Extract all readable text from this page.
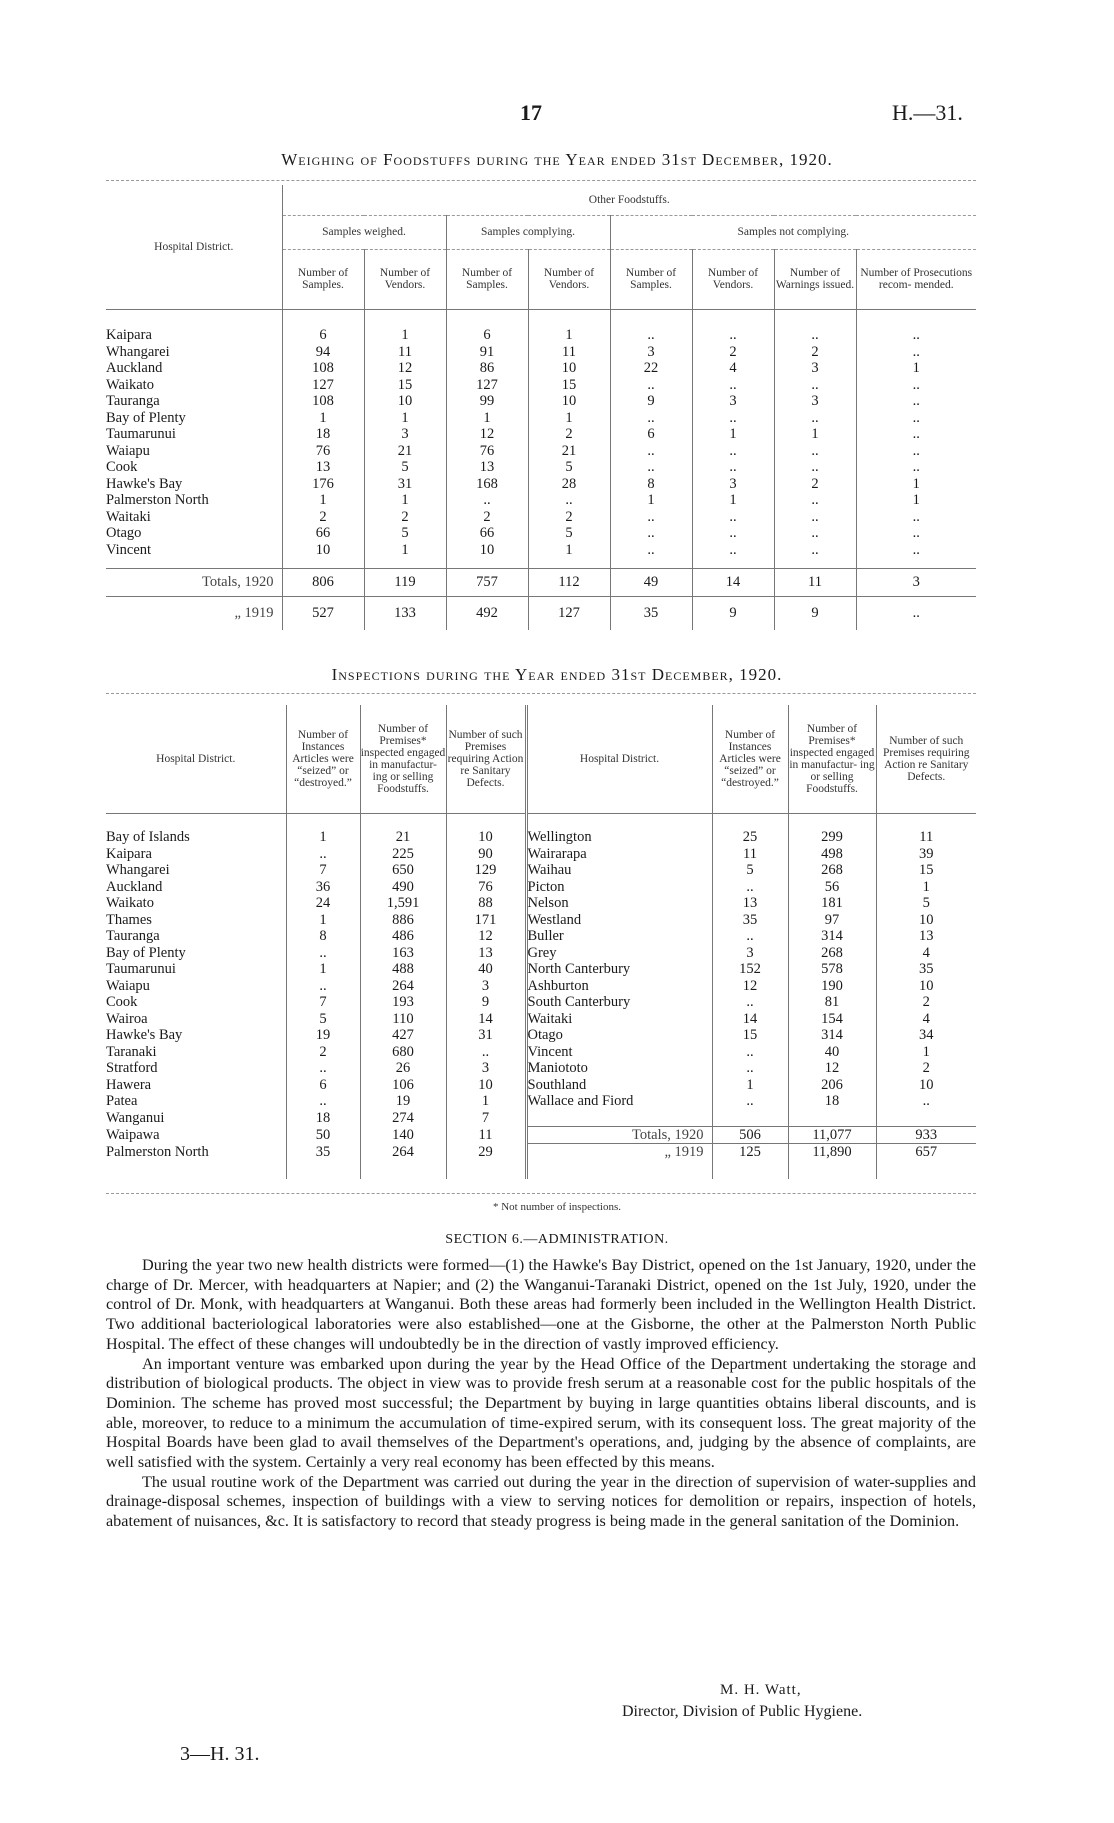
17	H.—31.
Weighing of Foodstuffs during the Year ended 31st December, 1920.
Hospital District.	Other Foodstuffs.							
	Samples weighed.		Samples complying.		Samples not complying.			
	Number of Samples.	Number of Vendors.	Number of Samples.	Number of Vendors.	Number of Samples.	Number of Vendors.	Number of Warnings issued.	Number of Prosecutions recom- mended.

Kaipara	6	1	6	1	..	..	..	..
Whangarei	94	11	91	11	3	2	2	..
Auckland	108	12	86	10	22	4	3	1
Waikato	127	15	127	15	..	..	..	..
Tauranga	108	10	99	10	9	3	3	..
Bay of Plenty	1	1	1	1	..	..	..	..
Taumarunui	18	3	12	2	6	1	1	..
Waiapu	76	21	76	21	..	..	..	..
Cook	13	5	13	5	..	..	..	..
Hawke's Bay	176	31	168	28	8	3	2	1
Palmerston North	1	1	..	..	1	1	..	1
Waitaki	2	2	2	2	..	..	..	..
Otago	66	5	66	5	..	..	..	..
Vincent	10	1	10	1	..	..	..	..

Totals, 1920	806	119	757	112	49	14	11	3
„ 1919	527	133	492	127	35	9	9	..
Inspections during the Year ended 31st December, 1920.
Hospital District.	Number of Instances Articles were “seized” or “destroyed.”	Number of Premises* inspected engaged in manufactur- ing or selling Foodstuffs.	Number of such Premises requiring Action re Sanitary Defects.	Hospital District.	Number of Instances Articles were “seized” or “destroyed.”	Number of Premises* inspected engaged in manufactur- ing or selling Foodstuffs.	Number of such Premises requiring Action re Sanitary Defects.

Bay of Islands	1	21	10	Wellington	25	299	11
Kaipara	..	225	90	Wairarapa	11	498	39
Whangarei	7	650	129	Waihau	5	268	15
Auckland	36	490	76	Picton	..	56	1
Waikato	24	1,591	88	Nelson	13	181	5
Thames	1	886	171	Westland	35	97	10
Tauranga	8	486	12	Buller	..	314	13
Bay of Plenty	..	163	13	Grey	3	268	4
Taumarunui	1	488	40	North Canterbury	152	578	35
Waiapu	..	264	3	Ashburton	12	190	10
Cook	7	193	9	South Canterbury	..	81	2
Wairoa	5	110	14	Waitaki	14	154	4
Hawke's Bay	19	427	31	Otago	15	314	34
Taranaki	2	680	..	Vincent	..	40	1
Stratford	..	26	3	Maniototo	..	12	2
Hawera	6	106	10	Southland	1	206	10
Patea	..	19	1	Wallace and Fiord	..	18	..
Wanganui	18	274	7				
Waipawa	50	140	11	Totals, 1920	506	11,077	933
Palmerston North	35	264	29	„ 1919	125	11,890	657

* Not number of inspections.
SECTION 6.—ADMINISTRATION.

During the year two new health districts were formed—(1) the Hawke's Bay District, opened on the 1st January, 1920, under the charge of Dr. Mercer, with headquarters at Napier; and (2) the Wanganui-Taranaki District, opened on the 1st July, 1920, under the control of Dr. Monk, with headquarters at Wanganui. Both these areas had formerly been included in the Wellington Health District. Two additional bacteriological laboratories were also established—one at the Gisborne, the other at the Palmerston North Public Hospital. The effect of these changes will undoubtedly be in the direction of vastly improved efficiency.

An important venture was embarked upon during the year by the Head Office of the Department undertaking the storage and distribution of biological products. The object in view was to provide fresh serum at a reasonable cost for the public hospitals of the Dominion. The scheme has proved most successful; the Department by buying in large quantities obtains liberal discounts, and is able, moreover, to reduce to a minimum the accumulation of time-expired serum, with its consequent loss. The great majority of the Hospital Boards have been glad to avail themselves of the Department's operations, and, judging by the absence of complaints, are well satisfied with the system. Certainly a very real economy has been effected by this means.

The usual routine work of the Department was carried out during the year in the direction of supervision of water-supplies and drainage-disposal schemes, inspection of buildings with a view to serving notices for demolition or repairs, inspection of hotels, abatement of nuisances, &c. It is satisfactory to record that steady progress is being made in the general sanitation of the Dominion.

M. H. Watt,
Director, Division of Public Hygiene.
3—H. 31.
